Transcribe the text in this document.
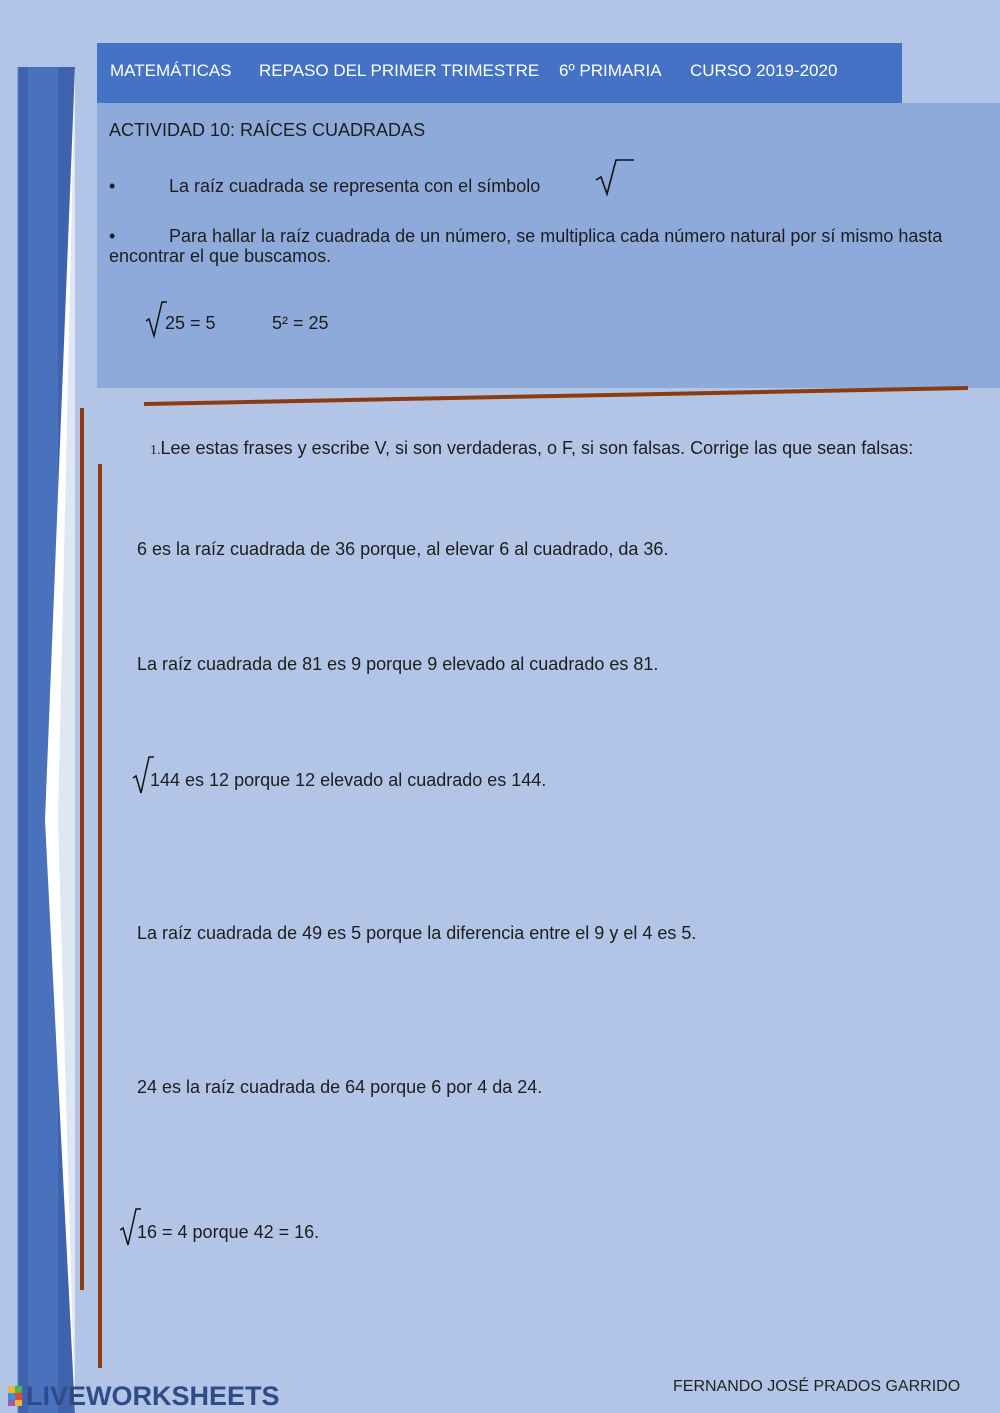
MATEMÁTICAS REPASO DEL PRIMER TRIMESTRE 6º PRIMARIA CURSO 2019-2020
ACTIVIDAD 10: RAÍCES CUADRADAS
•	La raíz cuadrada se representa con el símbolo
•	Para hallar la raíz cuadrada de un número, se multiplica cada número natural por sí mismo hasta encontrar el que buscamos.
25 = 5	5² = 25
1.Lee estas frases y escribe V, si son verdaderas, o F, si son falsas. Corrige las que sean falsas:
6 es la raíz cuadrada de 36 porque, al elevar 6 al cuadrado, da 36.
La raíz cuadrada de 81 es 9 porque 9 elevado al cuadrado es 81.
144 es 12 porque 12 elevado al cuadrado es 144.
La raíz cuadrada de 49 es 5 porque la diferencia entre el 9 y el 4 es 5.
24 es la raíz cuadrada de 64 porque 6 por 4 da 24.
16 = 4 porque 42 = 16.
LIVEWORKSHEETS	FERNANDO JOSÉ PRADOS GARRIDO
